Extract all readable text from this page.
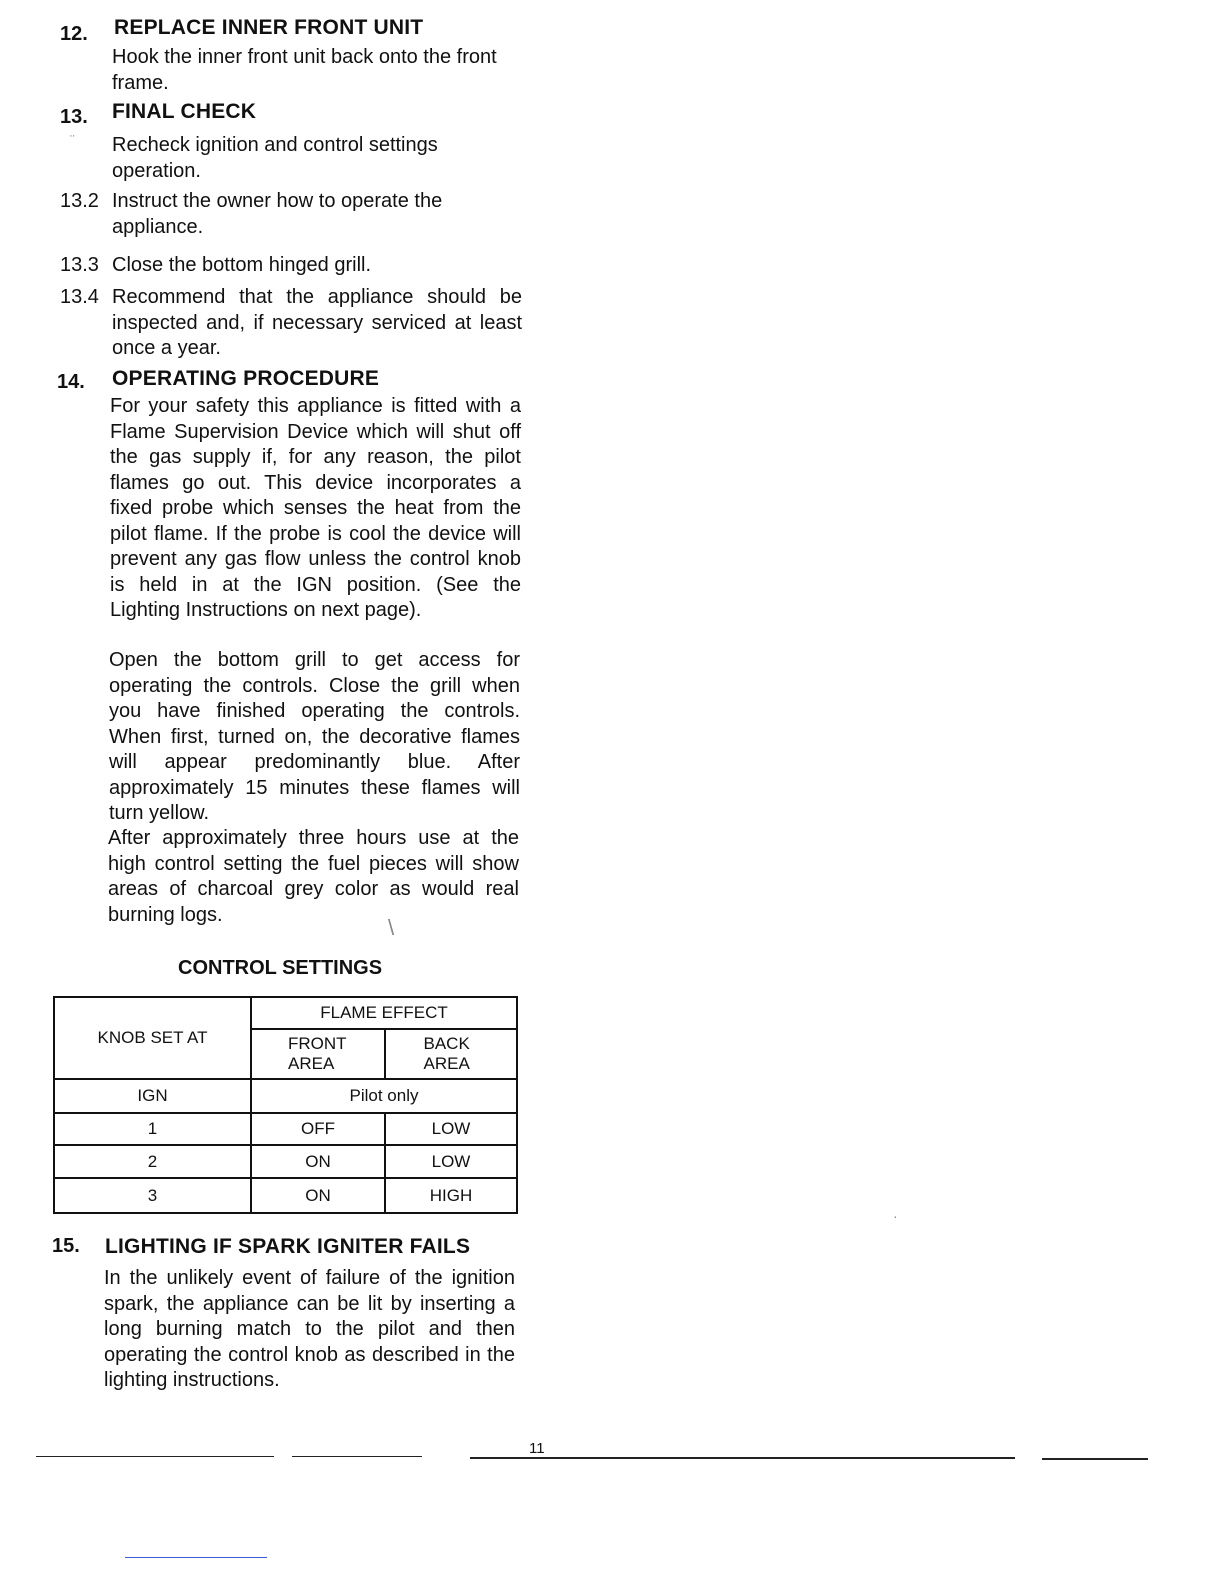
12. REPLACE INNER FRONT UNIT
Hook the inner front unit back onto the front frame.
13. FINAL CHECK
¨ Recheck ignition and control settings operation.
13.2 Instruct the owner how to operate the appliance.
13.3 Close the bottom hinged grill.
13.4 Recommend that the appliance should be inspected and, if necessary serviced at least once a year.
14. OPERATING PROCEDURE
For your safety this appliance is fitted with a Flame Supervision Device which will shut off the gas supply if, for any reason, the pilot flames go out. This device incorporates a fixed probe which senses the heat from the pilot flame. If the probe is cool the device will prevent any gas flow unless the control knob is held in at the IGN position. (See the Lighting Instructions on next page).
Open the bottom grill to get access for operating the controls. Close the grill when you have finished operating the controls. When first, turned on, the decorative flames will appear predominantly blue. After approximately 15 minutes these flames will turn yellow.
After approximately three hours use at the high control setting the fuel pieces will show areas of charcoal grey color as would real burning logs.
\
CONTROL SETTINGS
KNOB SET AT	FLAME EFFECT	

	FRONT AREA	BACK AREA

IGN	Pilot only	
1	OFF	LOW
2	ON	LOW
3	ON	HIGH
15. LIGHTING IF SPARK IGNITER FAILS
In the unlikely event of failure of the ignition spark, the appliance can be lit by inserting a long burning match to the pilot and then operating the control knob as described in the lighting instructions.
11
·
